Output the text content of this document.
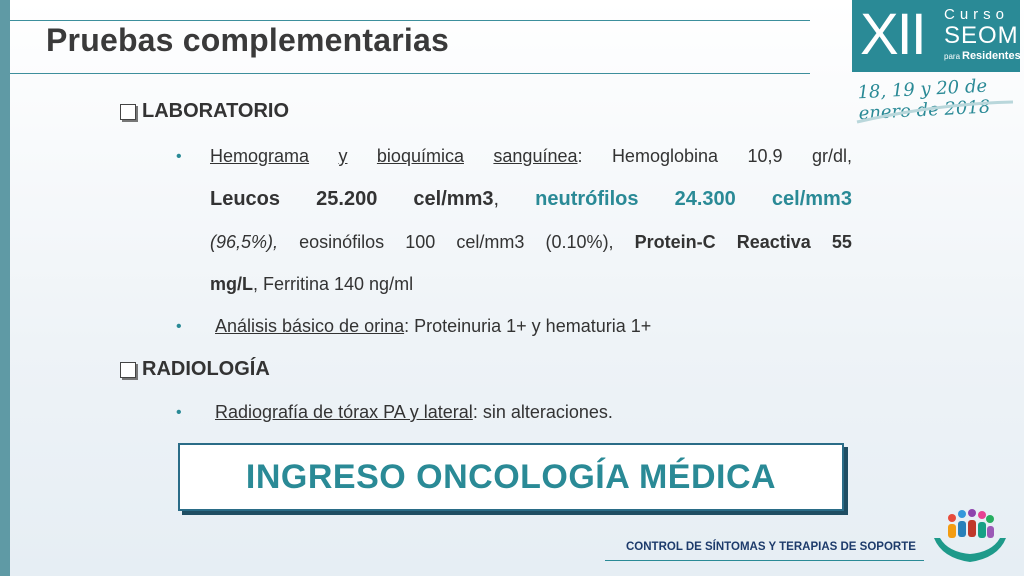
Pruebas complementarias	XII Curso
SEOM
para Residentes
18, 19 y 20 de enero de 2018
LABORATORIO
• Hemograma y bioquímica sanguínea: Hemoglobina 10,9 gr/dl,
Leucos 25.200 cel/mm3, neutrófilos 24.300 cel/mm3
(96,5%), eosinófilos 100 cel/mm3 (0.10%), Protein-C Reactiva 55
mg/L, Ferritina 140 ng/ml
• Análisis básico de orina: Proteinuria 1+ y hematuria 1+
RADIOLOGÍA
• Radiografía de tórax PA y lateral: sin alteraciones.
INGRESO ONCOLOGÍA MÉDICA
CONTROL DE SÍNTOMAS Y TERAPIAS DE SOPORTE
